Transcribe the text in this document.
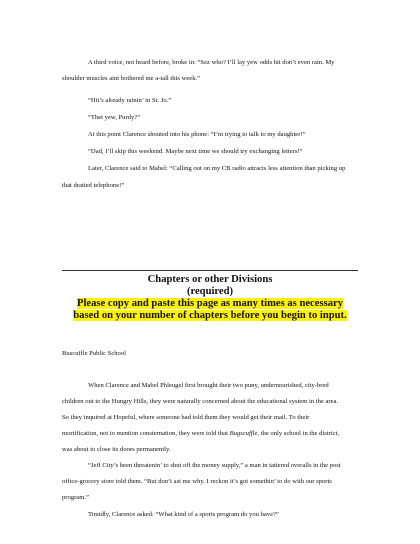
A third voice, not heard before, broke in: “Sez who? I’ll lay yew odds hit don’t even rain. My
shoulder muscles aint bothered me a-tall this week.”
“Hit’s already rainin’ in St. Jo.”
“Thet yew, Purdy?”
At this point Clarence shouted into his phone: “I’m trying to talk to my daughter!”
“Dad, I’ll skip this weekend. Maybe next time we should try exchanging letters!”
Later, Clarence said to Mabel: “Calling out on my CB radio attracts less attention than picking up
that dratted telephone!”
Chapters or other Divisions
(required)
Please copy and paste this page as many times as necessary
based on your number of chapters before you begin to input.
Buscuffle Public School
When Clarence and Mabel Phleugel first brought their two puny, undernourished, city-bred
children out to the Hungry Hills, they were naturally concerned about the educational system in the area.
So they inquired at Hopeful, where someone had told them they would get their mail. To their
mortification, not to mention consternation, they were told that Bugscuffle, the only school in the district,
was about to close its doors permanently.
“Jeff City’s been threatenin’ to shut off the money supply,” a man in tattered overalls in the post
office-grocery store told them. “But don’t ast me why. I reckon it’s got somethin’ to do with our sports
program.”
Timidly, Clarence asked: “What kind of a sports program do you have?”
